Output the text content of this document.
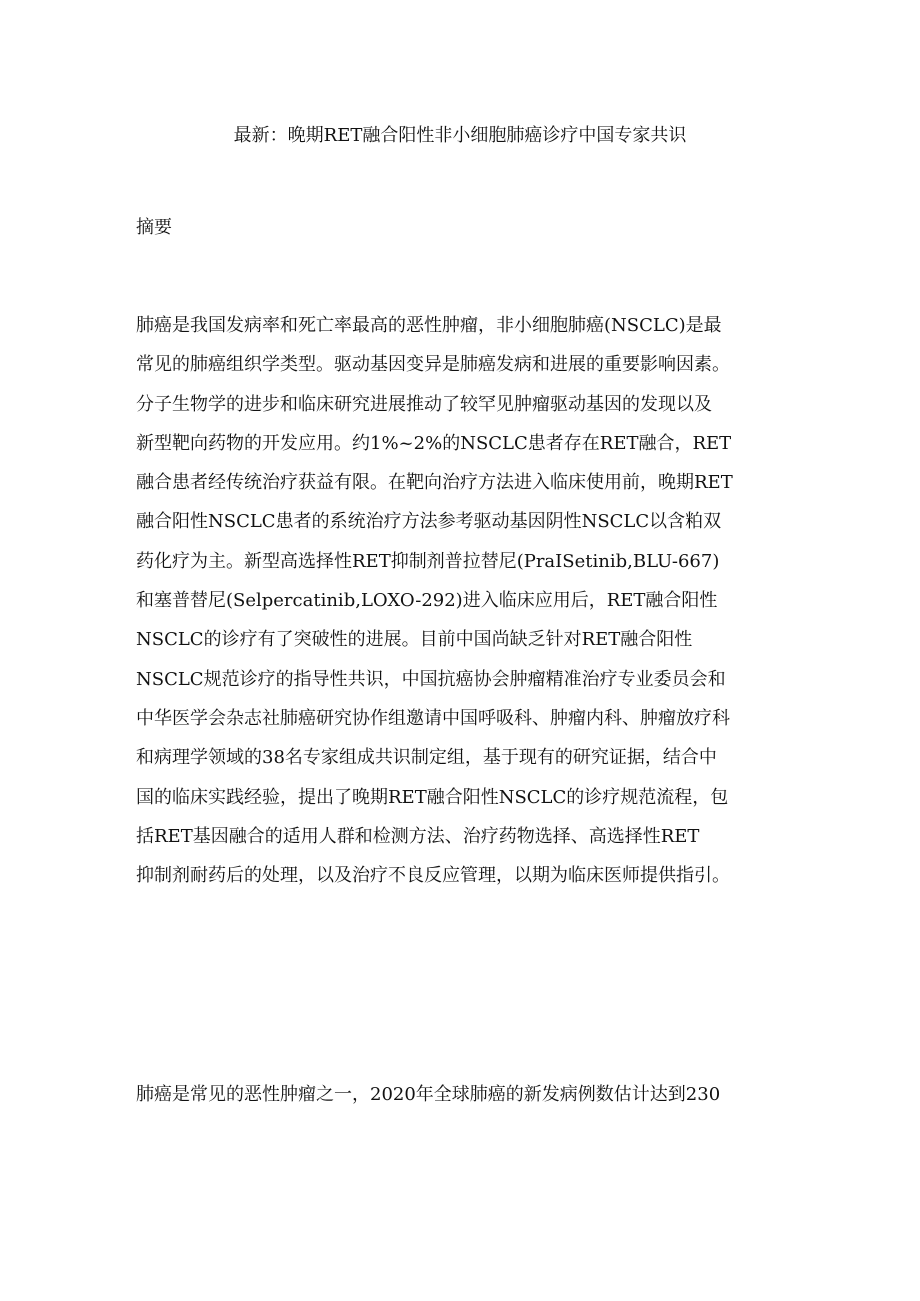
最新：晚期RET融合阳性非小细胞肺癌诊疗中国专家共识
摘要
肺癌是我国发病率和死亡率最高的恶性肿瘤，非小细胞肺癌(NSCLC)是最
常见的肺癌组织学类型。驱动基因变异是肺癌发病和进展的重要影响因素。
分子生物学的进步和临床研究进展推动了较罕见肿瘤驱动基因的发现以及
新型靶向药物的开发应用。约1%~2%的NSCLC患者存在RET融合，RET
融合患者经传统治疗获益有限。在靶向治疗方法进入临床使用前，晚期RET
融合阳性NSCLC患者的系统治疗方法参考驱动基因阴性NSCLC以含粕双
药化疗为主。新型高选择性RET抑制剂普拉替尼(PraISetinib,BLU-667)
和塞普替尼(Selpercatinib,LOXO-292)进入临床应用后，RET融合阳性
NSCLC的诊疗有了突破性的进展。目前中国尚缺乏针对RET融合阳性
NSCLC规范诊疗的指导性共识，中国抗癌协会肿瘤精准治疗专业委员会和
中华医学会杂志社肺癌研究协作组邀请中国呼吸科、肿瘤内科、肿瘤放疗科
和病理学领域的38名专家组成共识制定组，基于现有的研究证据，结合中
国的临床实践经验，提出了晚期RET融合阳性NSCLC的诊疗规范流程，包
括RET基因融合的适用人群和检测方法、治疗药物选择、高选择性RET
抑制剂耐药后的处理，以及治疗不良反应管理，以期为临床医师提供指引。
肺癌是常见的恶性肿瘤之一，2020年全球肺癌的新发病例数估计达到230
